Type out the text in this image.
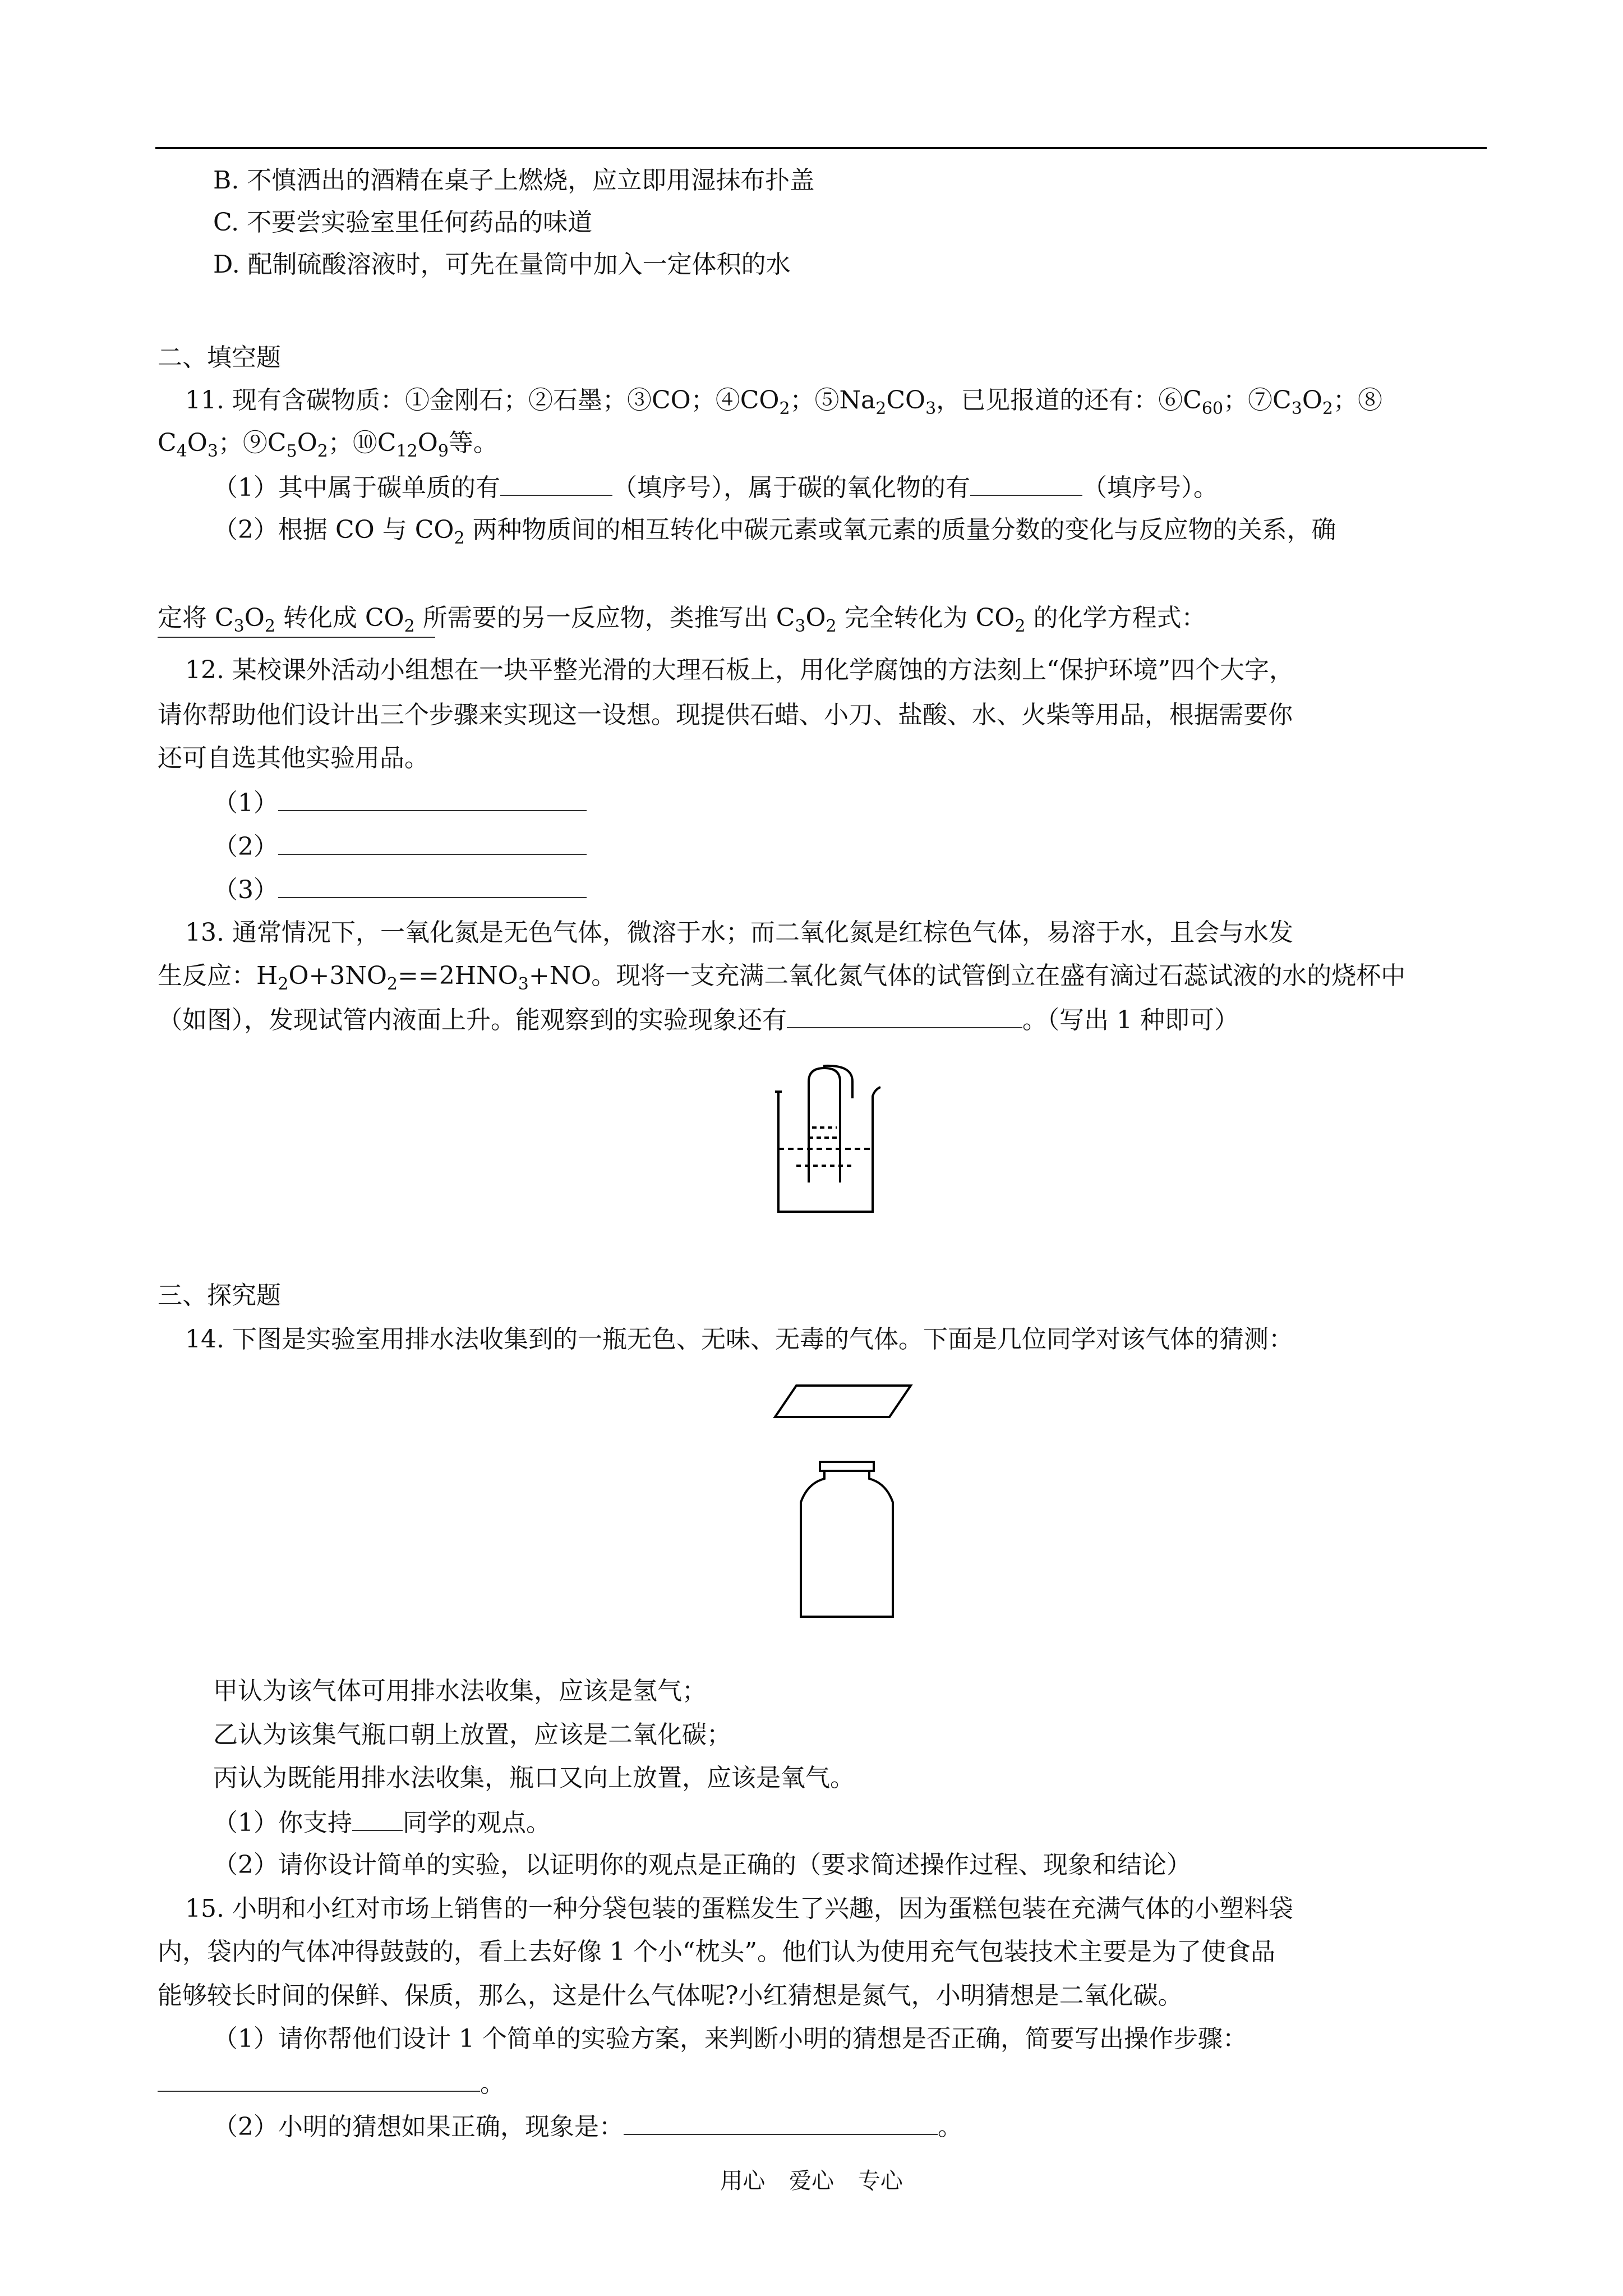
B. 不慎洒出的酒精在桌子上燃烧，应立即用湿抹布扑盖
C. 不要尝实验室里任何药品的味道
D. 配制硫酸溶液时，可先在量筒中加入一定体积的水
二、填空题
11. 现有含碳物质：①金刚石；②石墨；③CO；$④CO_2$；$⑤Na_2CO_3$，已见报道的还有：$⑥C_{60}$；$⑦C_3O_2$；⑧
$C_4O_3$；$⑨C_5O_2$；$⑩C_{12}O_9$等。
（1）其中属于碳单质的有	（填序号），属于碳的氧化物的有	（填序号）。
（2）根据 CO 与 $CO_2$ 两种物质间的相互转化中碳元素或氧元素的质量分数的变化与反应物的关系，确
定将 $C_3O_2$ 转化成 $CO_2$ 所需要的另一反应物，类推写出 $C_3O_2$ 完全转化为 $CO_2$ 的化学方程式：
12. 某校课外活动小组想在一块平整光滑的大理石板上，用化学腐蚀的方法刻上“保护环境”四个大字，
请你帮助他们设计出三个步骤来实现这一设想。现提供石蜡、小刀、盐酸、水、火柴等用品，根据需要你
还可自选其他实验用品。
（1）
（2）
（3）
13. 通常情况下，一氧化氮是无色气体，微溶于水；而二氧化氮是红棕色气体，易溶于水，且会与水发
生反应：$H_2O+3NO_2==2HNO_3+NO$。现将一支充满二氧化氮气体的试管倒立在盛有滴过石蕊试液的水的烧杯中
（如图），发现试管内液面上升。能观察到的实验现象还有	。（写出 1 种即可）
三、探究题
14. 下图是实验室用排水法收集到的一瓶无色、无味、无毒的气体。下面是几位同学对该气体的猜测：
甲认为该气体可用排水法收集，应该是氢气；
乙认为该集气瓶口朝上放置，应该是二氧化碳；
丙认为既能用排水法收集，瓶口又向上放置，应该是氧气。
（1）你支持 同学的观点。
（2）请你设计简单的实验，以证明你的观点是正确的（要求简述操作过程、现象和结论）
15. 小明和小红对市场上销售的一种分袋包装的蛋糕发生了兴趣，因为蛋糕包装在充满气体的小塑料袋
内，袋内的气体冲得鼓鼓的，看上去好像 1 个小“枕头”。他们认为使用充气包装技术主要是为了使食品
能够较长时间的保鲜、保质，那么，这是什么气体呢?小红猜想是氮气，小明猜想是二氧化碳。
（1）请你帮他们设计 1 个简单的实验方案，来判断小明的猜想是否正确，简要写出操作步骤：
。
（2）小明的猜想如果正确，现象是：	。
用心 爱心 专心
